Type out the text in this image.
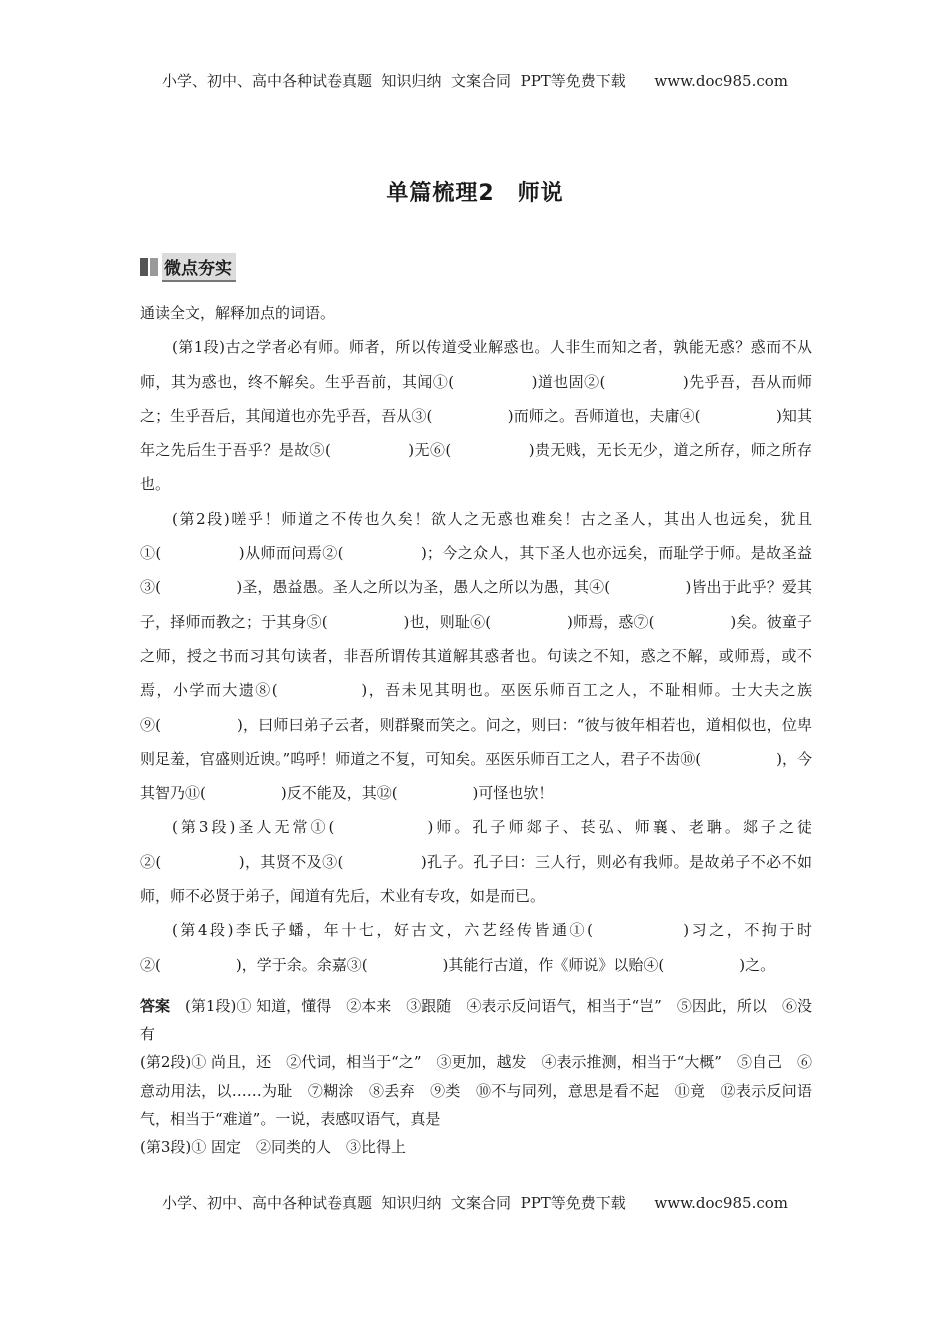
小学、初中、高中各种试卷真题  知识归纳  文案合同  PPT等免费下载      www.doc985.com
单篇梳理2　师说
微点夯实

通读全文，解释加点的词语。

(第1段)古之学者必有师。师者，所以传道受业解惑也。人非生而知之者，孰能无惑？惑而不从师，其为惑也，终不解矣。生乎吾前，其闻①(　　　　　)道也固②(　　　　　)先乎吾，吾从而师之；生乎吾后，其闻道也亦先乎吾，吾从③(　　　　　)而师之。吾师道也，夫庸④(　　　　　)知其年之先后生于吾乎？是故⑤(　　　　　)无⑥(　　　　　)贵无贱，无长无少，道之所存，师之所存也。

(第2段)嗟乎！师道之不传也久矣！欲人之无惑也难矣！古之圣人，其出人也远矣，犹且①(　　　　　)从师而问焉②(　　　　　)；今之众人，其下圣人也亦远矣，而耻学于师。是故圣益③(　　　　　)圣，愚益愚。圣人之所以为圣，愚人之所以为愚，其④(　　　　　)皆出于此乎？爱其子，择师而教之；于其身⑤(　　　　　)也，则耻⑥(　　　　　)师焉，惑⑦(　　　　　)矣。彼童子之师，授之书而习其句读者，非吾所谓传其道解其惑者也。句读之不知，惑之不解，或师焉，或不焉，小学而大遗⑧(　　　　　)，吾未见其明也。巫医乐师百工之人，不耻相师。士大夫之族⑨(　　　　　)，曰师曰弟子云者，则群聚而笑之。问之，则曰：“彼与彼年相若也，道相似也，位卑则足羞，官盛则近谀。”呜呼！师道之不复，可知矣。巫医乐师百工之人，君子不齿⑩(　　　　　)，今其智乃⑪(　　　　　)反不能及，其⑫(　　　　　)可怪也欤！

(第3段)圣人无常①(　　　　　)师。孔子师郯子、苌弘、师襄、老聃。郯子之徒②(　　　　　)，其贤不及③(　　　　　)孔子。孔子曰：三人行，则必有我师。是故弟子不必不如师，师不必贤于弟子，闻道有先后，术业有专攻，如是而已。

(第4段)李氏子蟠，年十七，好古文，六艺经传皆通①(　　　　　)习之，不拘于时②(　　　　　)，学于余。余嘉③(　　　　　)其能行古道，作《师说》以贻④(　　　　　)之。

答案　 (第1段)① 知道，懂得　②本来　③跟随　④表示反问语气，相当于“岂”　⑤因此，所以　⑥没有

(第2段)① 尚且，还　②代词，相当于“之”　③更加，越发　④表示推测，相当于“大概”　⑤自己　⑥意动用法，以……为耻　⑦糊涂　⑧丢弃　⑨类　⑩不与同列，意思是看不起　⑪竟　⑫表示反问语气，相当于“难道”。一说，表感叹语气，真是

(第3段)① 固定　②同类的人　③比得上

小学、初中、高中各种试卷真题  知识归纳  文案合同  PPT等免费下载      www.doc985.com
